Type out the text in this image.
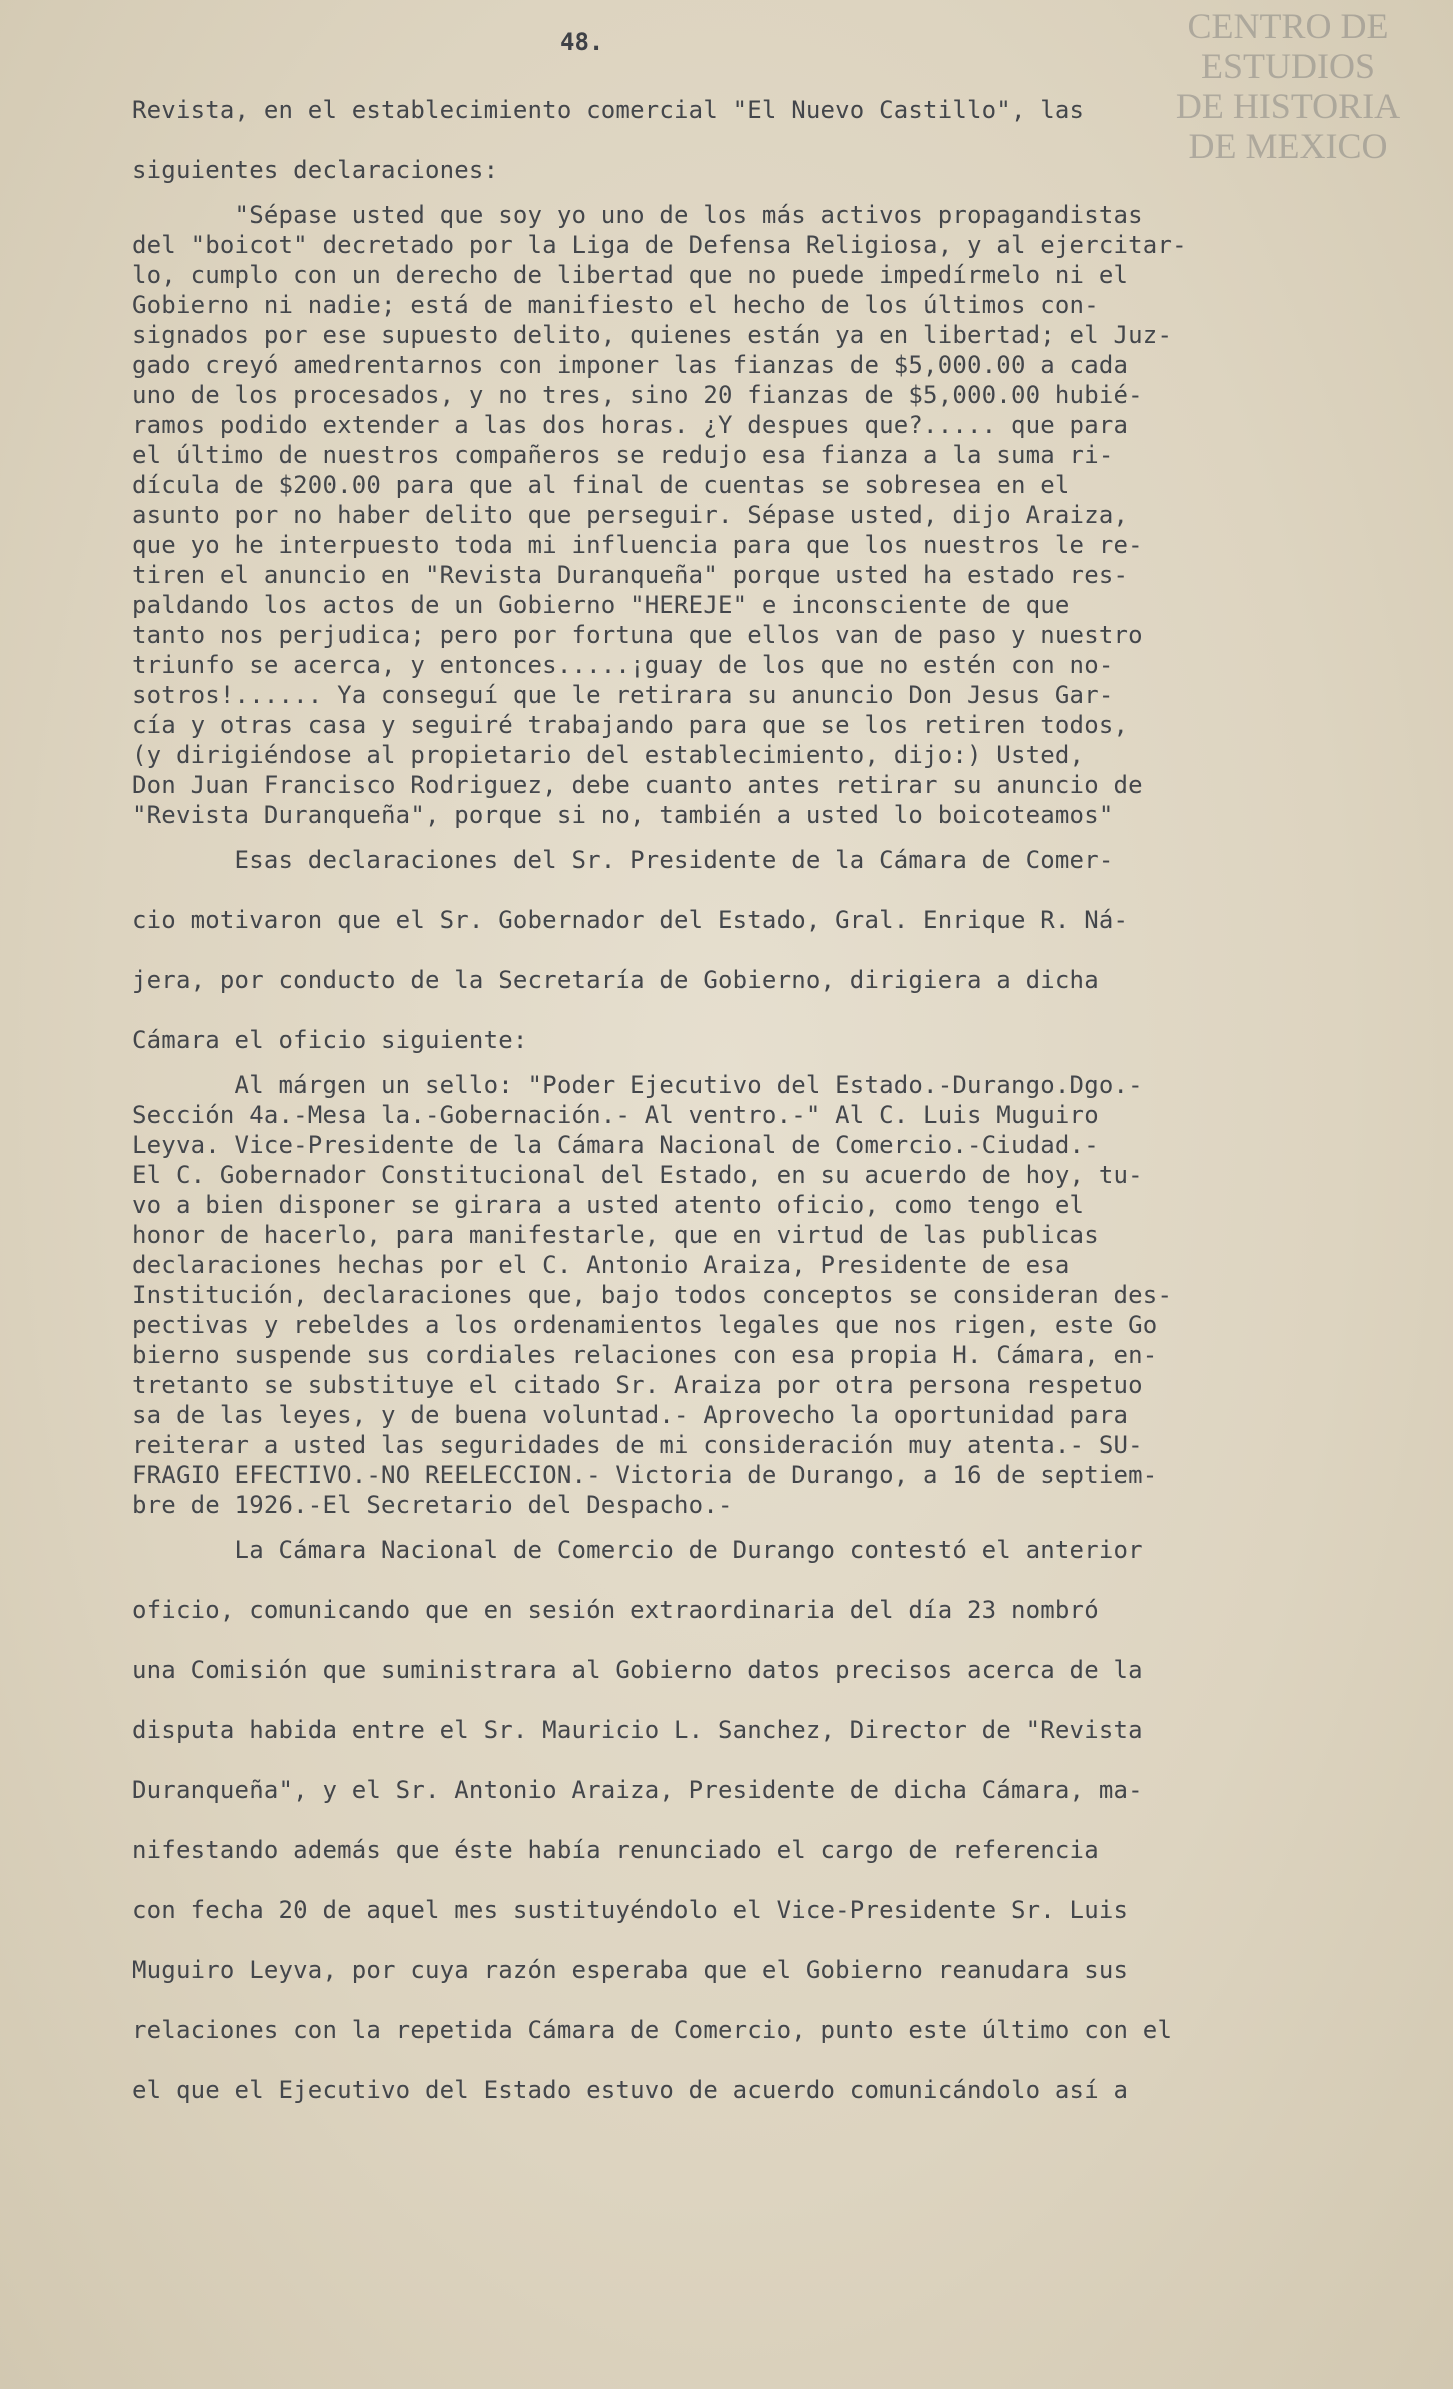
CENTRO DE
ESTUDIOS
DE HISTORIA
DE MEXICO
48.
Revista, en el establecimiento comercial "El Nuevo Castillo", las
siguientes declaraciones:
"Sépase usted que soy yo uno de los más activos propagandistas
del "boicot" decretado por la Liga de Defensa Religiosa, y al ejercitar-
lo, cumplo con un derecho de libertad que no puede impedírmelo ni el
Gobierno ni nadie; está de manifiesto el hecho de los últimos con-
signados por ese supuesto delito, quienes están ya en libertad; el Juz-
gado creyó amedrentarnos con imponer las fianzas de $5,000.00 a cada
uno de los procesados, y no tres, sino 20 fianzas de $5,000.00 hubié-
ramos podido extender a las dos horas. ¿Y despues que?..... que para
el último de nuestros compañeros se redujo esa fianza a la suma ri-
dícula de $200.00 para que al final de cuentas se sobresea en el
asunto por no haber delito que perseguir. Sépase usted, dijo Araiza,
que yo he interpuesto toda mi influencia para que los nuestros le re-
tiren el anuncio en "Revista Duranqueña" porque usted ha estado res-
paldando los actos de un Gobierno "HEREJE" e inconsciente de que
tanto nos perjudica; pero por fortuna que ellos van de paso y nuestro
triunfo se acerca, y entonces.....¡guay de los que no estén con no-
sotros!...... Ya conseguí que le retirara su anuncio Don Jesus Gar-
cía y otras casa y seguiré trabajando para que se los retiren todos,
(y dirigiéndose al propietario del establecimiento, dijo:) Usted,
Don Juan Francisco Rodriguez, debe cuanto antes retirar su anuncio de
"Revista Duranqueña", porque si no, también a usted lo boicoteamos"
Esas declaraciones del Sr. Presidente de la Cámara de Comer-
cio motivaron que el Sr. Gobernador del Estado, Gral. Enrique R. Ná-
jera, por conducto de la Secretaría de Gobierno, dirigiera a dicha
Cámara el oficio siguiente:
Al márgen un sello: "Poder Ejecutivo del Estado.-Durango.Dgo.-
Sección 4a.-Mesa la.-Gobernación.- Al ventro.-" Al C. Luis Muguiro
Leyva. Vice-Presidente de la Cámara Nacional de Comercio.-Ciudad.-
El C. Gobernador Constitucional del Estado, en su acuerdo de hoy, tu-
vo a bien disponer se girara a usted atento oficio, como tengo el
honor de hacerlo, para manifestarle, que en virtud de las publicas
declaraciones hechas por el C. Antonio Araiza, Presidente de esa
Institución, declaraciones que, bajo todos conceptos se consideran des-
pectivas y rebeldes a los ordenamientos legales que nos rigen, este Go
bierno suspende sus cordiales relaciones con esa propia H. Cámara, en-
tretanto se substituye el citado Sr. Araiza por otra persona respetuo
sa de las leyes, y de buena voluntad.- Aprovecho la oportunidad para
reiterar a usted las seguridades de mi consideración muy atenta.- SU-
FRAGIO EFECTIVO.-NO REELECCION.- Victoria de Durango, a 16 de septiem-
bre de 1926.-El Secretario del Despacho.-
La Cámara Nacional de Comercio de Durango contestó el anterior
oficio, comunicando que en sesión extraordinaria del día 23 nombró
una Comisión que suministrara al Gobierno datos precisos acerca de la
disputa habida entre el Sr. Mauricio L. Sanchez, Director de "Revista
Duranqueña", y el Sr. Antonio Araiza, Presidente de dicha Cámara, ma-
nifestando además que éste había renunciado el cargo de referencia
con fecha 20 de aquel mes sustituyéndolo el Vice-Presidente Sr. Luis
Muguiro Leyva, por cuya razón esperaba que el Gobierno reanudara sus
relaciones con la repetida Cámara de Comercio, punto este último con el
el que el Ejecutivo del Estado estuvo de acuerdo comunicándolo así a
